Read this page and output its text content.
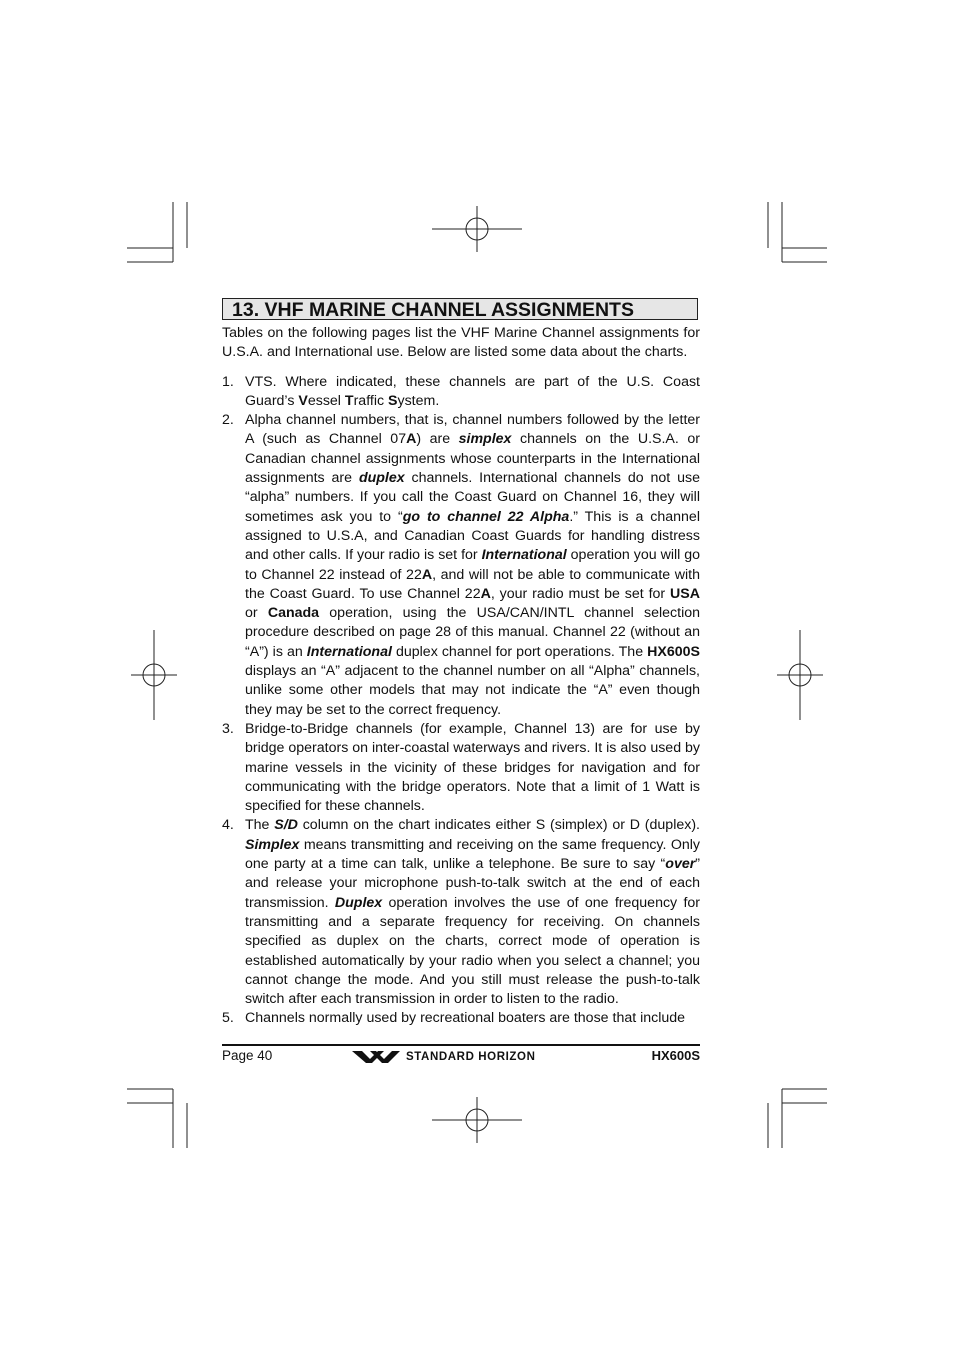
13. VHF MARINE CHANNEL ASSIGNMENTS

Tables on the following pages list the VHF Marine Channel assignments for U.S.A. and International use. Below are listed some data about the charts.

1. VTS. Where indicated, these channels are part of the U.S. Coast Guard’s Vessel Traffic System.
2. Alpha channel numbers, that is, channel numbers followed by the letter A (such as Channel 07A) are simplex channels on the U.S.A. or Canadian channel assignments whose counterparts in the International assignments are duplex channels. International channels do not use “alpha” numbers. If you call the Coast Guard on Channel 16, they will sometimes ask you to “go to channel 22 Alpha.” This is a channel assigned to U.S.A, and Canadian Coast Guards for handling distress and other calls. If your radio is set for International operation you will go to Channel 22 instead of 22A, and will not be able to communicate with the Coast Guard. To use Channel 22A, your radio must be set for USA or Canada operation, using the USA/CAN/INTL channel selection procedure described on page 28 of this manual. Channel 22 (without an “A”) is an International duplex channel for port operations. The HX600S displays an “A” adjacent to the channel number on all “Alpha” channels, unlike some other models that may not indicate the “A” even though they may be set to the correct frequency.
3. Bridge-to-Bridge channels (for example, Channel 13) are for use by bridge operators on inter-coastal waterways and rivers. It is also used by marine vessels in the vicinity of these bridges for navigation and for communicating with the bridge operators. Note that a limit of 1 Watt is specified for these channels.
4. The S/D column on the chart indicates either S (simplex) or D (duplex). Simplex means transmitting and receiving on the same frequency. Only one party at a time can talk, unlike a telephone. Be sure to say “over” and release your microphone push-to-talk switch at the end of each transmission. Duplex operation involves the use of one frequency for transmitting and a separate frequency for receiving. On channels specified as duplex on the charts, correct mode of operation is established automatically by your radio when you select a channel; you cannot change the mode. And you still must release the push-to-talk switch after each transmission in order to listen to the radio.
5. Channels normally used by recreational boaters are those that include
Page 40	STANDARD HORIZON	HX600S
